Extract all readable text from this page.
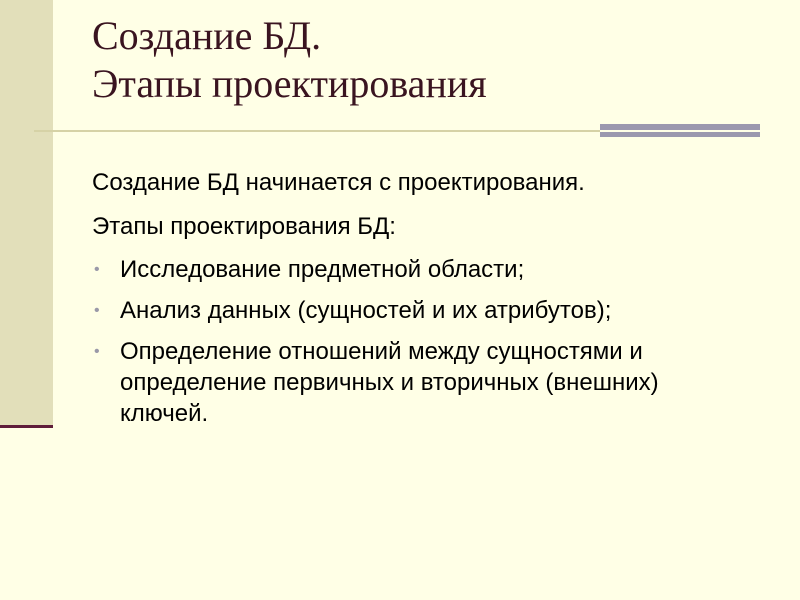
Создание БД.
Этапы проектирования
Создание БД начинается с проектирования.
Этапы проектирования БД:
• Исследование предметной области;
• Анализ данных (сущностей и их атрибутов);
• Определение отношений между сущностями и определение первичных и вторичных (внешних) ключей.
